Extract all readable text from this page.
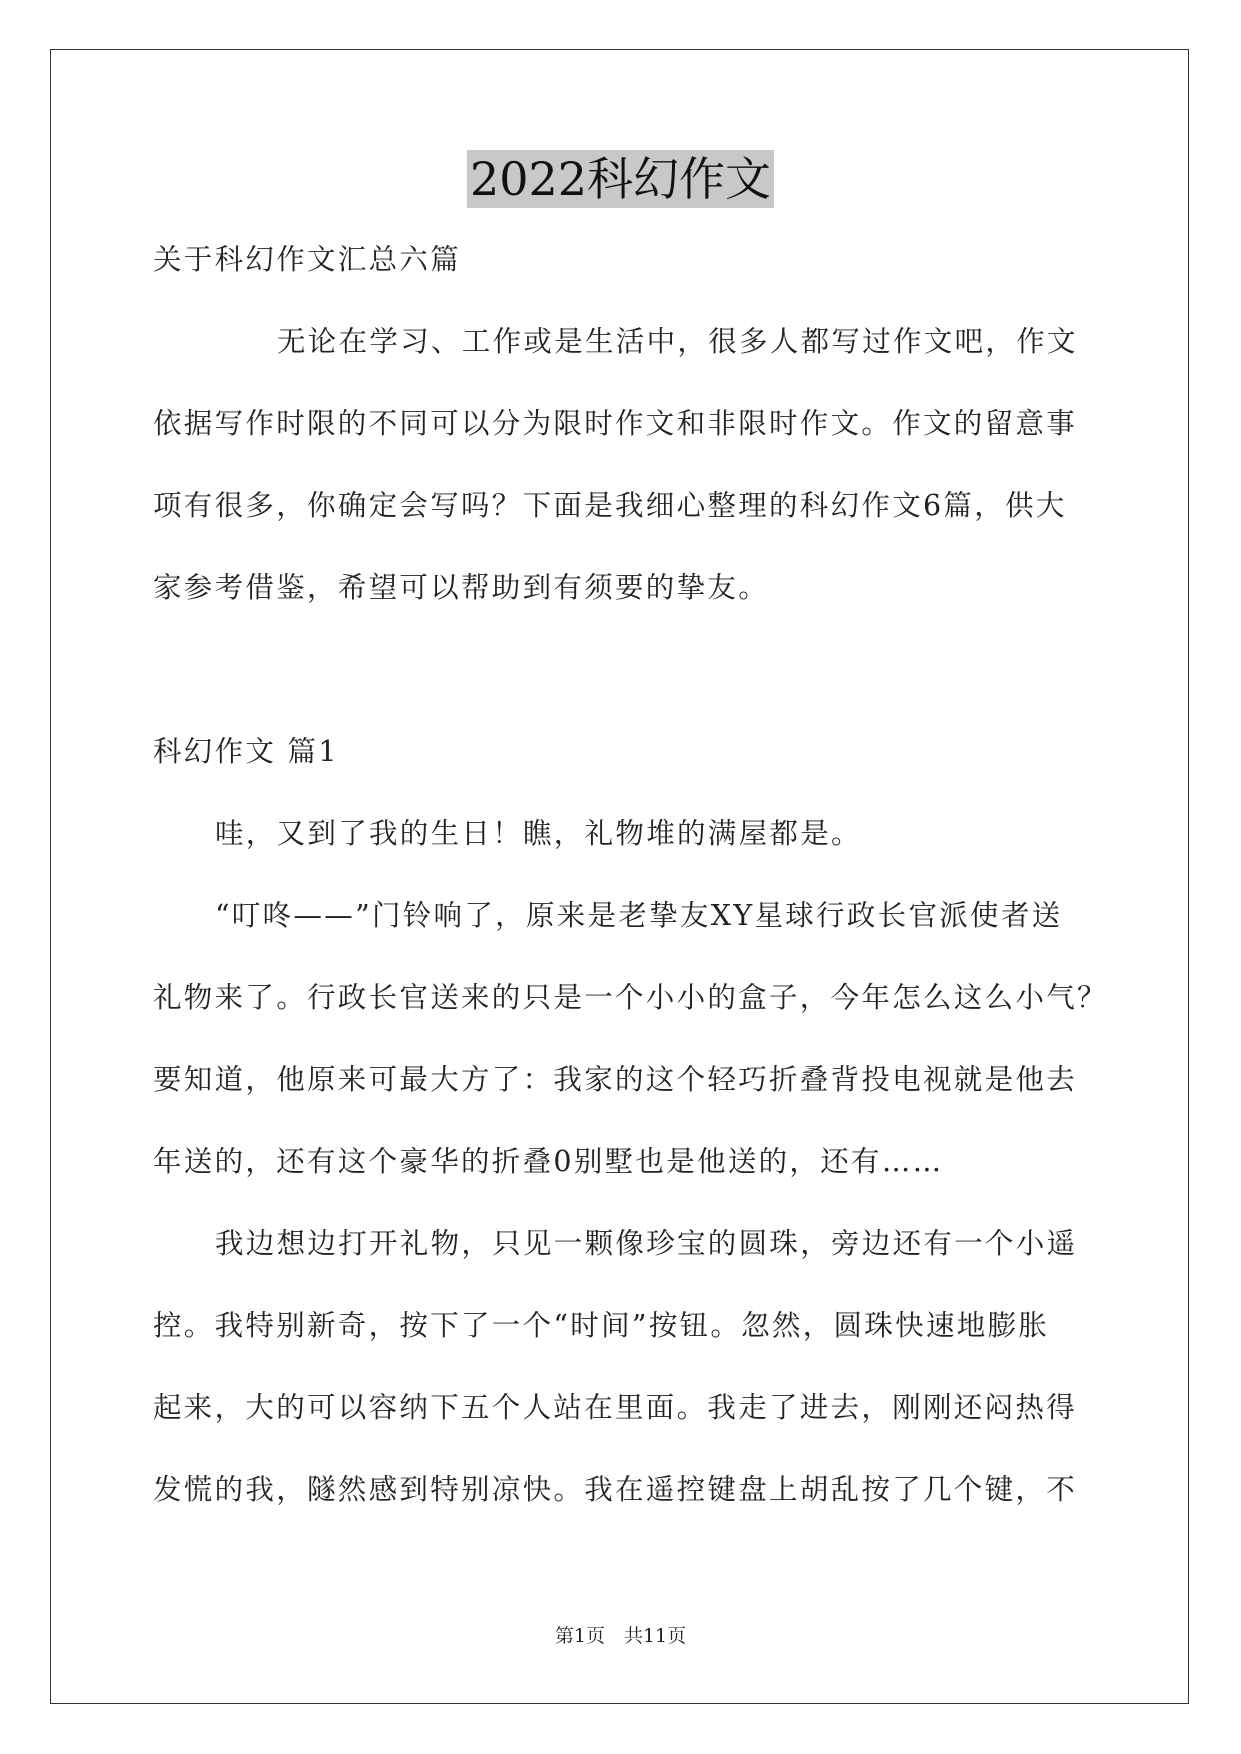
2022科幻作文
关于科幻作文汇总六篇
无论在学习、工作或是生活中，很多人都写过作文吧，作文
依据写作时限的不同可以分为限时作文和非限时作文。作文的留意事
项有很多，你确定会写吗？下面是我细心整理的科幻作文6篇，供大
家参考借鉴，希望可以帮助到有须要的挚友。
科幻作文 篇1
哇，又到了我的生日！瞧，礼物堆的满屋都是。
“叮咚——”门铃响了，原来是老挚友XY星球行政长官派使者送
礼物来了。行政长官送来的只是一个小小的盒子，今年怎么这么小气？
要知道，他原来可最大方了：我家的这个轻巧折叠背投电视就是他去
年送的，还有这个豪华的折叠0别墅也是他送的，还有……
我边想边打开礼物，只见一颗像珍宝的圆珠，旁边还有一个小遥
控。我特别新奇，按下了一个“时间”按钮。忽然，圆珠快速地膨胀
起来，大的可以容纳下五个人站在里面。我走了进去，刚刚还闷热得
发慌的我，隧然感到特别凉快。我在遥控键盘上胡乱按了几个键，不
第1页　共11页
